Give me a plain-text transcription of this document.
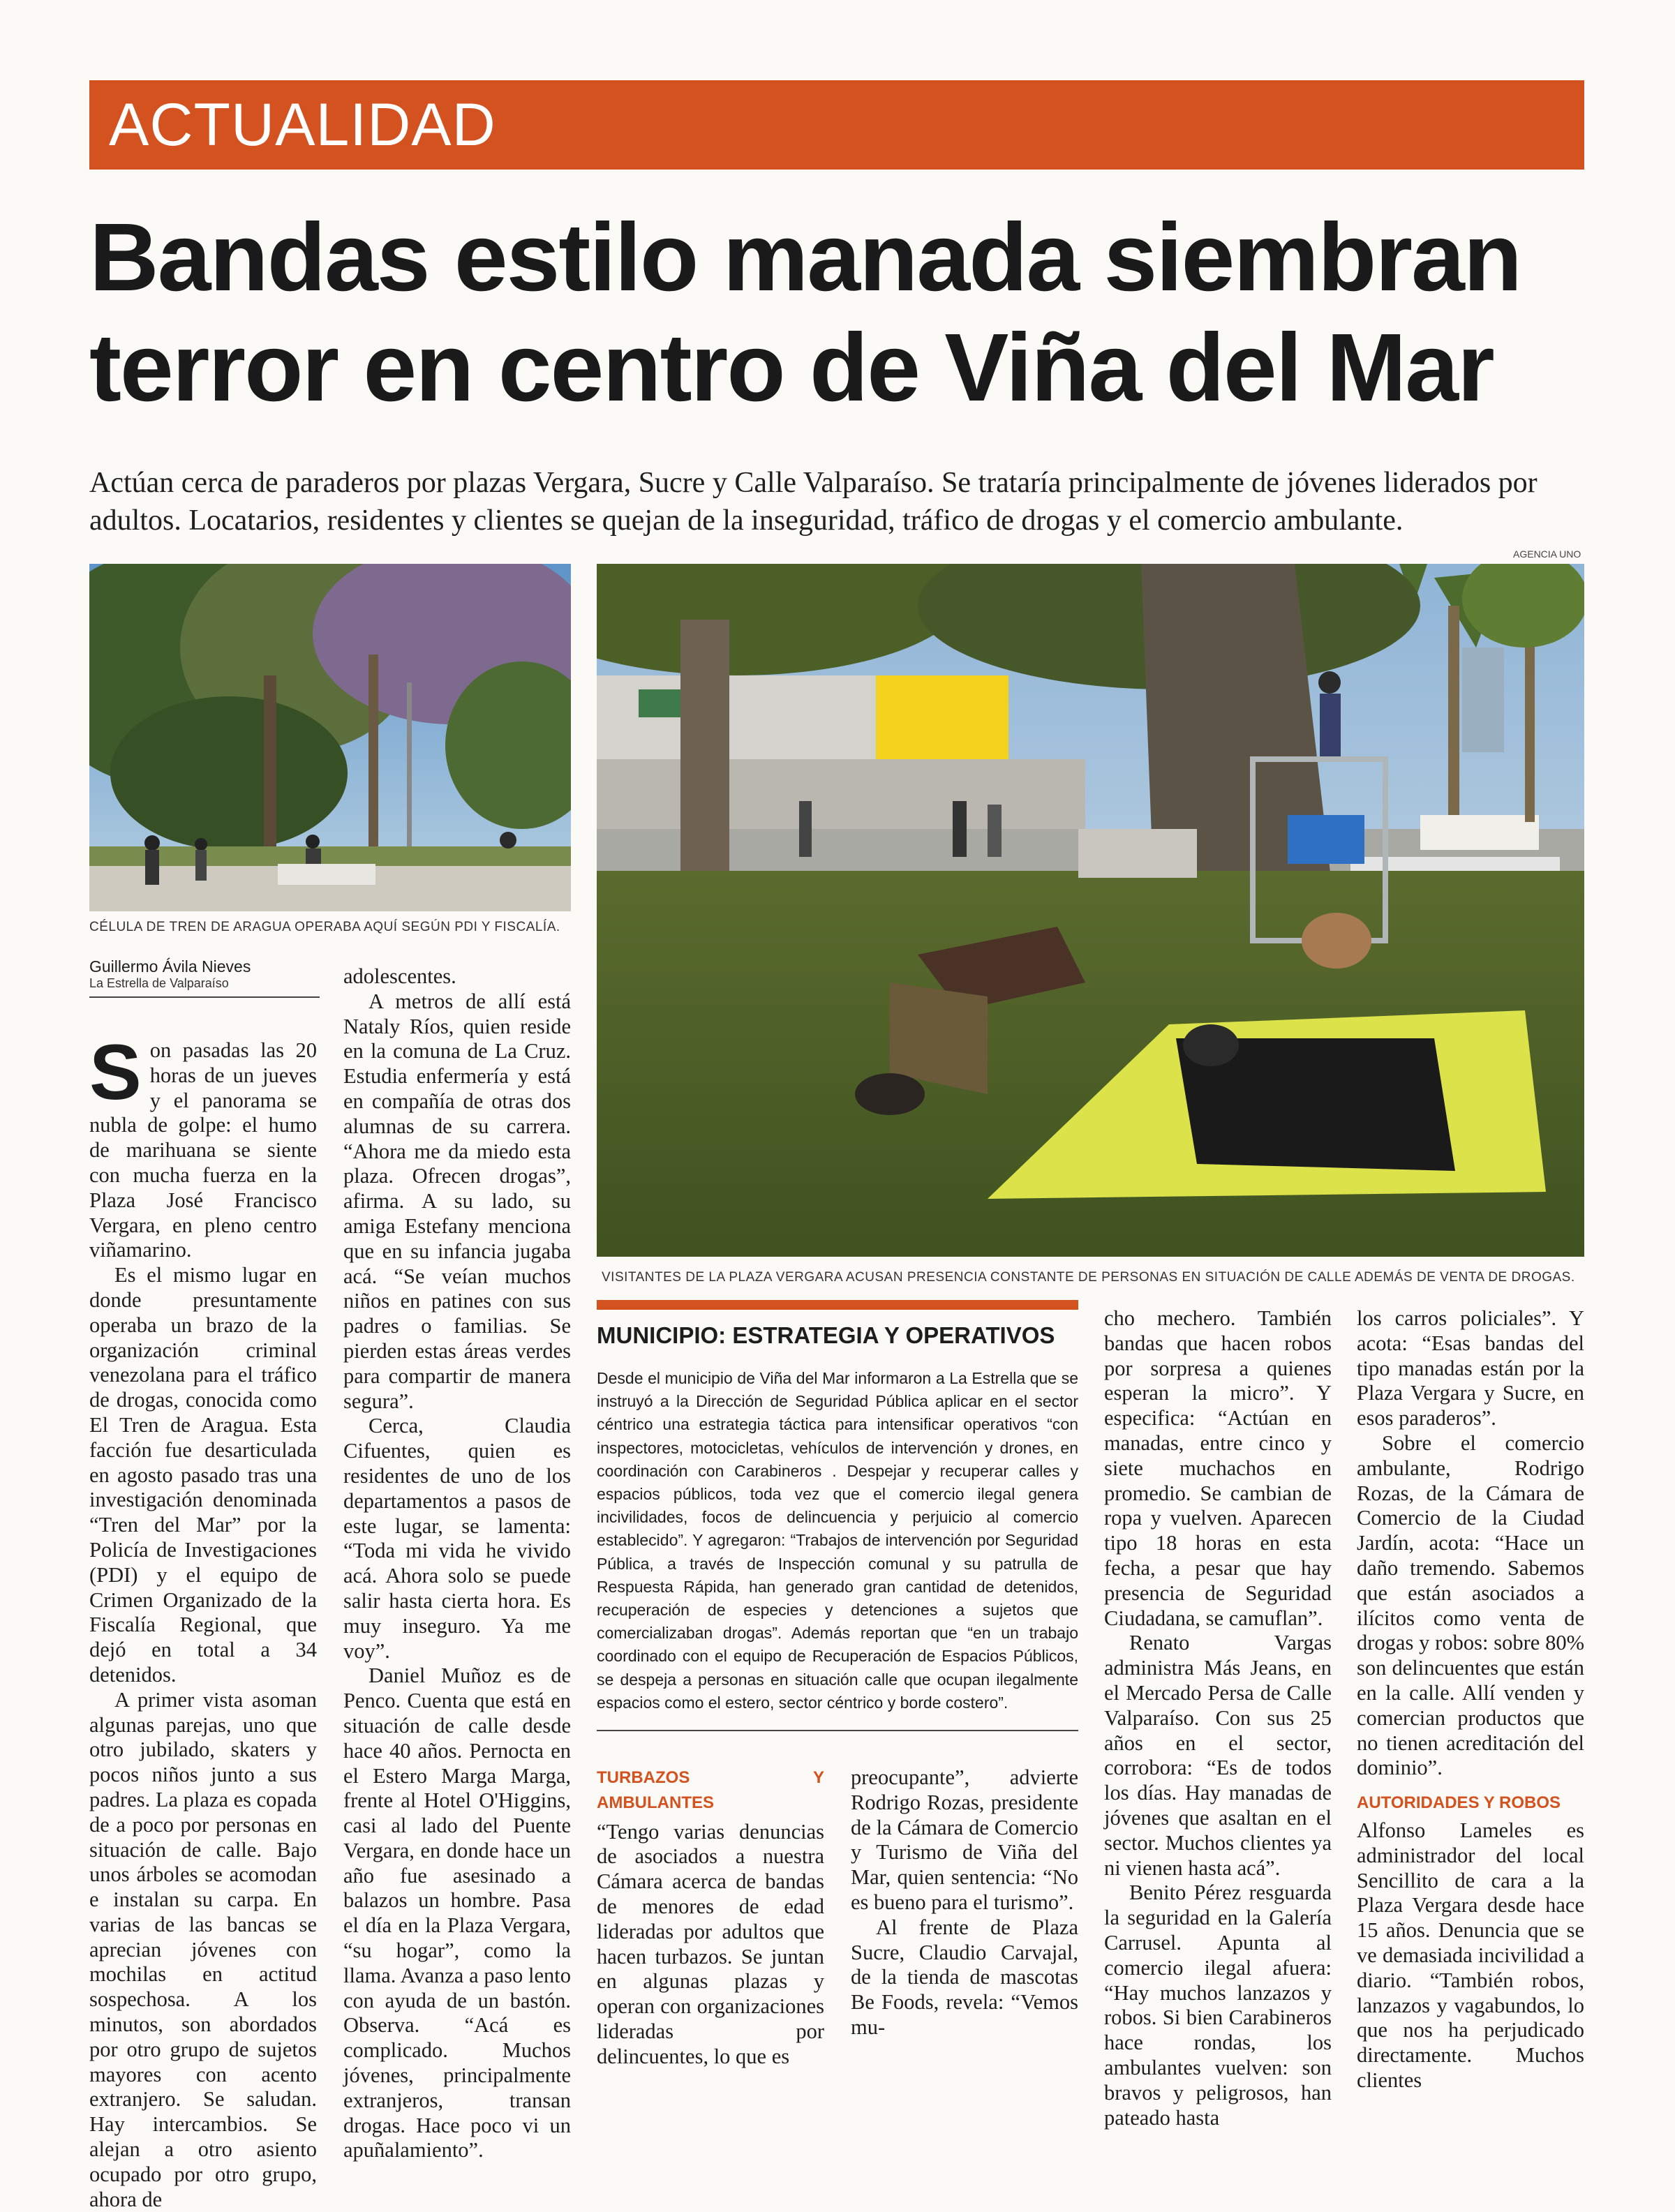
ACTUALIDAD
Bandas estilo manada siembran terror en centro de Viña del Mar

Actúan cerca de paraderos por plazas Vergara, Sucre y Calle Valparaíso. Se trataría principalmente de jóvenes liderados por adultos. Locatarios, residentes y clientes se quejan de la inseguridad, tráfico de drogas y el comercio ambulante.

AGENCIA UNO
CÉLULA DE TREN DE ARAGUA OPERABA AQUÍ SEGÚN PDI Y FISCALÍA.
VISITANTES DE LA PLAZA VERGARA ACUSAN PRESENCIA CONSTANTE DE PERSONAS EN SITUACIÓN DE CALLE ADEMÁS DE VENTA DE DROGAS.
Guillermo Ávila Nieves
La Estrella de Valparaíso

Son pasadas las 20 horas de un jueves y el panorama se nubla de golpe: el humo de marihuana se siente con mucha fuerza en la Plaza José Francisco Vergara, en pleno centro viñamarino.

Es el mismo lugar en donde presuntamente operaba un brazo de la organización criminal venezolana para el tráfico de drogas, conocida como El Tren de Aragua. Esta facción fue desarticulada en agosto pasado tras una investigación denominada “Tren del Mar” por la Policía de Investigaciones (PDI) y el equipo de Crimen Organizado de la Fiscalía Regional, que dejó en total a 34 detenidos.

A primer vista asoman algunas parejas, uno que otro jubilado, skaters y pocos niños junto a sus padres. La plaza es copada de a poco por personas en situación de calle. Bajo unos árboles se acomodan e instalan su carpa. En varias de las bancas se aprecian jóvenes con mochilas en actitud sospechosa. A los minutos, son abordados por otro grupo de sujetos mayores con acento extranjero. Se saludan. Hay intercambios. Se alejan a otro asiento ocupado por otro grupo, ahora de

adolescentes.

A metros de allí está Nataly Ríos, quien reside en la comuna de La Cruz. Estudia enfermería y está en compañía de otras dos alumnas de su carrera. “Ahora me da miedo esta plaza. Ofrecen drogas”, afirma. A su lado, su amiga Estefany menciona que en su infancia jugaba acá. “Se veían muchos niños en patines con sus padres o familias. Se pierden estas áreas verdes para compartir de manera segura”.

Cerca, Claudia Cifuentes, quien es residentes de uno de los departamentos a pasos de este lugar, se lamenta: “Toda mi vida he vivido acá. Ahora solo se puede salir hasta cierta hora. Es muy inseguro. Ya me voy”.

Daniel Muñoz es de Penco. Cuenta que está en situación de calle desde hace 40 años. Pernocta en el Estero Marga Marga, frente al Hotel O'Higgins, casi al lado del Puente Vergara, en donde hace un año fue asesinado a balazos un hombre. Pasa el día en la Plaza Vergara, “su hogar”, como la llama. Avanza a paso lento con ayuda de un bastón. Observa. “Acá es complicado. Muchos jóvenes, principalmente extranjeros, transan drogas. Hace poco vi un apuñalamiento”.

MUNICIPIO: ESTRATEGIA Y OPERATIVOS
Desde el municipio de Viña del Mar informaron a La Estrella que se instruyó a la Dirección de Seguridad Pública aplicar en el sector céntrico una estrategia táctica para intensificar operativos “con inspectores, motocicletas, vehículos de intervención y drones, en coordinación con Carabineros . Despejar y recuperar calles y espacios públicos, toda vez que el comercio ilegal genera incivilidades, focos de delincuencia y perjuicio al comercio establecido”. Y agregaron: “Trabajos de intervención por Seguridad Pública, a través de Inspección comunal y su patrulla de Respuesta Rápida, han generado gran cantidad de detenidos, recuperación de especies y detenciones a sujetos que comercializaban drogas”. Además reportan que “en un trabajo coordinado con el equipo de Recuperación de Espacios Públicos, se despeja a personas en situación calle que ocupan ilegalmente espacios como el estero, sector céntrico y borde costero”.
TURBAZOS Y AMBULANTES

“Tengo varias denuncias de asociados a nuestra Cámara acerca de bandas de menores de edad lideradas por adultos que hacen turbazos. Se juntan en algunas plazas y operan con organizaciones lideradas por delincuentes, lo que es

preocupante”, advierte Rodrigo Rozas, presidente de la Cámara de Comercio y Turismo de Viña del Mar, quien sentencia: “No es bueno para el turismo”.

Al frente de Plaza Sucre, Claudio Carvajal, de la tienda de mascotas Be Foods, revela: “Vemos mu-

cho mechero. También bandas que hacen robos por sorpresa a quienes esperan la micro”. Y especifica: “Actúan en manadas, entre cinco y siete muchachos en promedio. Se cambian de ropa y vuelven. Aparecen tipo 18 horas en esta fecha, a pesar que hay presencia de Seguridad Ciudadana, se camuflan”.

Renato Vargas administra Más Jeans, en el Mercado Persa de Calle Valparaíso. Con sus 25 años en el sector, corrobora: “Es de todos los días. Hay manadas de jóvenes que asaltan en el sector. Muchos clientes ya ni vienen hasta acá”.

Benito Pérez resguarda la seguridad en la Galería Carrusel. Apunta al comercio ilegal afuera: “Hay muchos lanzazos y robos. Si bien Carabineros hace rondas, los ambulantes vuelven: son bravos y peligrosos, han pateado hasta

los carros policiales”. Y acota: “Esas bandas del tipo manadas están por la Plaza Vergara y Sucre, en esos paraderos”.

Sobre el comercio ambulante, Rodrigo Rozas, de la Cámara de Comercio de la Ciudad Jardín, acota: “Hace un daño tremendo. Sabemos que están asociados a ilícitos como venta de drogas y robos: sobre 80% son delincuentes que están en la calle. Allí venden y comercian productos que no tienen acreditación del dominio”.

AUTORIDADES Y ROBOS

Alfonso Lameles es administrador del local Sencillito de cara a la Plaza Vergara desde hace 15 años. Denuncia que se ve demasiada incivilidad a diario. “También robos, lanzazos y vagabundos, lo que nos ha perjudicado directamente. Muchos clientes
